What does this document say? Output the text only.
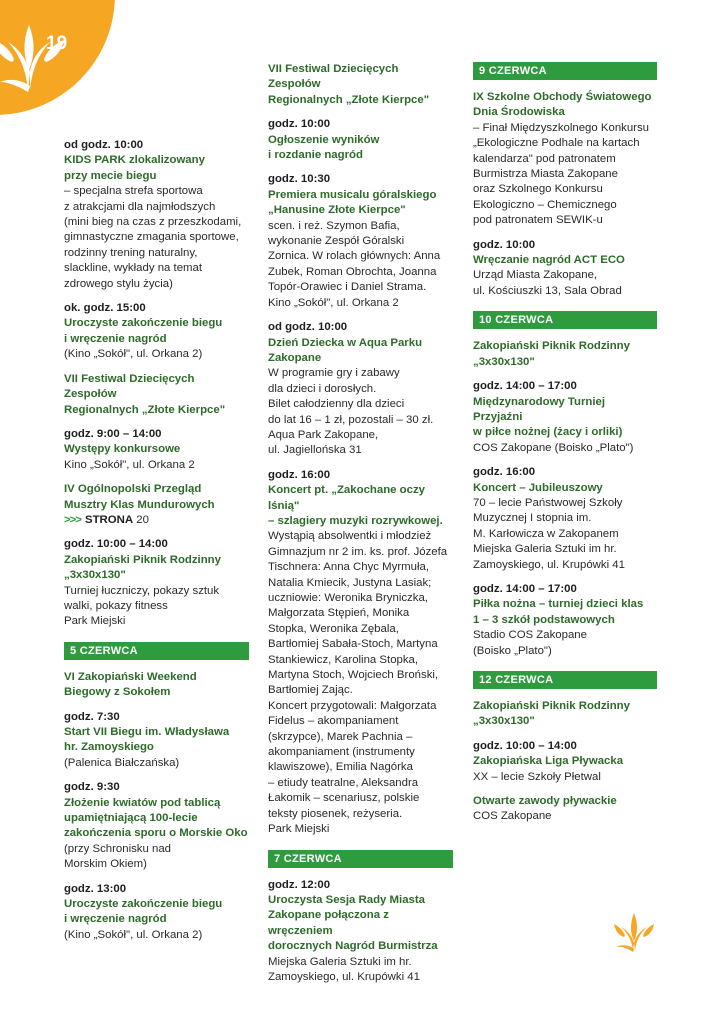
19
od godz. 10:00
KIDS PARK zlokalizowany
przy mecie biegu
– specjalna strefa sportowa
z atrakcjami dla najmłodszych
(mini bieg na czas z przeszkodami,
gimnastyczne zmagania sportowe,
rodzinny trening naturalny,
slackline, wykłady na temat
zdrowego stylu życia)
ok. godz. 15:00
Uroczyste zakończenie biegu
i wręczenie nagród
(Kino „Sokół", ul. Orkana 2)
VII Festiwal Dziecięcych Zespołów
Regionalnych „Złote Kierpce"
godz. 9:00 – 14:00
Występy konkursowe
Kino „Sokół", ul. Orkana 2
IV Ogólnopolski Przegląd
Musztry Klas Mundurowych
>>> STRONA 20
godz. 10:00 – 14:00
Zakopiański Piknik Rodzinny
„3x30x130"
Turniej łuczniczy, pokazy sztuk
walki, pokazy fitness
Park Miejski
5 CZERWCA
VI Zakopiański Weekend
Biegowy z Sokołem
godz. 7:30
Start VII Biegu im. Władysława
hr. Zamoyskiego
(Palenica Białczańska)
godz. 9:30
Złożenie kwiatów pod tablicą
upamiętniającą 100-lecie
zakończenia sporu o Morskie Oko
(przy Schronisku nad
Morskim Okiem)
godz. 13:00
Uroczyste zakończenie biegu
i wręczenie nagród
(Kino „Sokół", ul. Orkana 2)
VII Festiwal Dziecięcych Zespołów
Regionalnych „Złote Kierpce"
godz. 10:00
Ogłoszenie wyników
i rozdanie nagród
godz. 10:30
Premiera musicalu góralskiego
„Hanusine Złote Kierpce"
scen. i reż. Szymon Bafia,
wykonanie Zespół Góralski
Zornica. W rolach głównych: Anna
Zubek, Roman Obrochta, Joanna
Topór-Orawiec i Daniel Strama.
Kino „Sokół", ul. Orkana 2
od godz. 10:00
Dzień Dziecka w Aqua Parku
Zakopane
W programie gry i zabawy
dla dzieci i dorosłych.
Bilet całodzienny dla dzieci
do lat 16 – 1 zł, pozostali – 30 zł.
Aqua Park Zakopane,
ul. Jagiellońska 31
godz. 16:00
Koncert pt. „Zakochane oczy lśnią"
– szlagiery muzyki rozrywkowej.
Wystąpią absolwentki i młodzież
Gimnazjum nr 2 im. ks. prof. Józefa
Tischnera: Anna Chyc Myrmuła,
Natalia Kmiecik, Justyna Lasiak;
uczniowie: Weronika Bryniczka,
Małgorzata Stępień, Monika
Stopka, Weronika Zębala,
Bartłomiej Sabała-Stoch, Martyna
Stankiewicz, Karolina Stopka,
Martyna Stoch, Wojciech Broński,
Bartłomiej Zając.
Koncert przygotowali: Małgorzata
Fidelus – akompaniament
(skrzypce), Marek Pachnia –
akompaniament (instrumenty
klawiszowe), Emilia Nagórka
– etiudy teatralne, Aleksandra
Łakomik – scenariusz, polskie
teksty piosenek, reżyseria.
Park Miejski
7 CZERWCA
godz. 12:00
Uroczysta Sesja Rady Miasta
Zakopane połączona z wręczeniem
dorocznych Nagród Burmistrza
Miejska Galeria Sztuki im hr.
Zamoyskiego, ul. Krupówki 41
9 CZERWCA
IX Szkolne Obchody Światowego
Dnia Środowiska
– Finał Międzyszkolnego Konkursu
„Ekologiczne Podhale na kartach
kalendarza" pod patronatem
Burmistrza Miasta Zakopane
oraz Szkolnego Konkursu
Ekologiczno – Chemicznego
pod patronatem SEWIK-u
godz. 10:00
Wręczanie nagród ACT ECO
Urząd Miasta Zakopane,
ul. Kościuszki 13, Sala Obrad
10 CZERWCA
Zakopiański Piknik Rodzinny
„3x30x130"
godz. 14:00 – 17:00
Międzynarodowy Turniej Przyjaźni
w piłce nożnej (żacy i orliki)
COS Zakopane (Boisko „Plato")
godz. 16:00
Koncert – Jubileuszowy
70 – lecie Państwowej Szkoły
Muzycznej I stopnia im.
M. Karłowicza w Zakopanem
Miejska Galeria Sztuki im hr.
Zamoyskiego, ul. Krupówki 41
godz. 14:00 – 17:00
Piłka nożna – turniej dzieci klas
1 – 3 szkół podstawowych
Stadio COS Zakopane
(Boisko „Plato")
12 CZERWCA
Zakopiański Piknik Rodzinny
„3x30x130"
godz. 10:00 – 14:00
Zakopiańska Liga Pływacka
XX – lecie Szkoły Płetwal
Otwarte zawody pływackie
COS Zakopane
